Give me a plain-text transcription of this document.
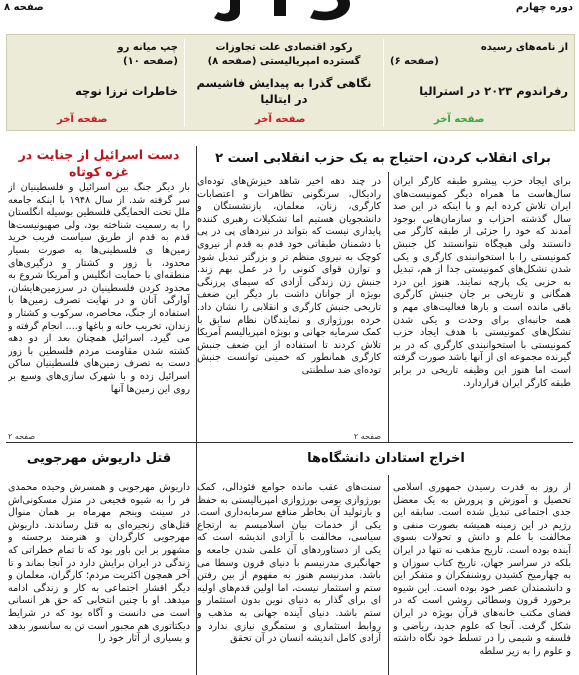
دوره چهارم
صفحه ۸
از نامه‌های رسیده
(صفحه ۶)
رفراندوم ۲۰۲۳ در استرالیا
صفحه آخر
رکود اقتصادی علت تجاوزات
گسترده امپریالیستی (صفحه ۸)
نگاهی گذرا به پیدایش فاشیسم در ایتالیا
صفحه آخر
چپ میانه رو
(صفحه ۱۰)
خاطرات ترزا نوچه
صفحه آخر
برای انقلاب کردن، احتیاج به یک حزب انقلابی است ۲
دست اسرائیل از جنایت در غزه کوتاه
برای ایجاد حزب پیشرو طبقه کارگر ایران سال‌هاست ما همراه دیگر کمونیست‌های ایران تلاش کرده ایم و با اینکه در این صد سال گذشته احزاب و سازمان‌هایی بوجود آمدند که خود را جزئی از طبقه کارگر می دانستند ولی هیچگاه نتوانستند کل جنبش کمونیستی را با استخوانبندی کارگری و یکی شدن تشکل‌های کمونیستی جدا از هم، تبدیل به حزبی یک پارچه نمایند. هنوز این درد همگانی و تاریخی بر جان جنبش کارگری باقی مانده است و بارها فعالیت‌های مهم و همه جانبه‌ای برای وحدت و یکی شدن تشکل‌های کمونیستی با هدف ایجاد حزب کمونیستی با استخوانبندی کارگری که در بر گیرنده مجموعه ای از آنها باشد صورت گرفته است اما هنوز این وظیفه تاریخی در برابر طبقه کارگر ایران قراردارد.
در چند دهه اخیر شاهد خیزش‌های توده‌ای رادیکال، سرنگونی تظاهرات و اعتصابات کارگری، زنان، معلمان، بازنشستگان و دانشجویان هستیم اما تشکیلات رهبری کننده پایداری نیست که بتواند در نبردهای پی در پی با دشمنان طبقاتی خود قدم به قدم از نیروی کوچک به نیروی منظم تر و بزرگتر تبدیل شود و توازن قوای کنونی را در عمل بهم زند. جنبش زن زندگی آزادی که سیمای پرزنگی بویژه از جوانان داشت بار دیگر این ضعف تاریخی جنبش کارگری و انقلابی را نشان داد. خرده بورژوازی و نمایندگان نظام سابق با کمک سرمایه جهانی و بویژه امپریالیسم آمریکا تلاش کردند تا استفاده از این ضعف جنبش کارگری همانطور که خمینی توانست جنبش توده‌ای ضد سلطنتی
صفحه ۲
بار دیگر جنگ بین اسرائیل و فلسطینیان از سر گرفته شد. از سال ۱۹۴۸ با اینکه جامعه ملل تحت الحمایگی فلسطین بوسیله انگلستان را به رسمیت شناخته بود، ولی صهیونیست‌ها قدم به قدم از طریق سیاست فریب خرید زمین‌ها ی فلسطینی‌ها به صورت بسیار محدود، با زور و کشتار و درگیری‌های منطقه‌ای با حمایت انگلیس و آمریکا شروع به محدود کردن فلسطینیان در سرزمین‌هایشان، آوارگی آنان و در نهایت تصرف زمین‌ها با استفاده از جنگ، محاصره، سرکوب و کشتار و زندان، تخریب خانه و باغها و.... انجام گرفته و می گیرد. اسرائیل همچنان بعد از دو دهه کشته شدن مقاومت مردم فلسطین با زور دست به تصرف زمین‌های فلسطینیان ساکن اسرائیل زده و با شهرک سازی‌های وسیع بر روی این زمین‌ها آنها
صفحه ۲
اخراج استادان دانشگاه‌ها
از روز به قدرت رسیدن جمهوری اسلامی تحصیل و آموزش و پرورش به یک معضل جدی اجتماعی تبدیل شده است. سابقه این رژیم در این زمینه همیشه بصورت منفی و مخالفت با علم و دانش و تحولات بسوی آینده بوده است. تاریخ مذهب نه تنها در ایران بلکه در سراسر جهان، تاریخ کتاب سوزان و به چهارمیخ کشیدن روشنفکران و متفکر این و دانشمندان عصر خود بوده است. این شیوه برخورد قرون وسطائی روشن است که در فضای مکتب خانه‌های قرآن بویژه در ایران شکل گرفت. آنجا که علوم جدید، ریاضی و فلسفه و شیمی را در تسلط خود نگاه داشته و علوم را به زیر سلطه
سنت‌های عقب مانده جوامع فئودالی، کمک بورژوازی بومی بورژوازی امپریالیستی به حفظ و بازتولید آن بخاطر منافع سرمایه‌داری است. یکی از خدمات بیان اسلامیسم به ارتجاع سیاسی، مخالفت با آزادی اندیشه است که یکی از دستاوردهای آن علمی شدن جامعه و جهانگیری مدرنیسم با دنیای قرون وسطا می باشد. مدرنیسم هنوز به مفهوم از بین رفتن ستم و استثمار نیست، اما اولین قدم‌های اولیه ای برای گذار به دنیای نوین بدون استثمار و ستم باشد. دنیای آینده جهانی به مذهب و روابط استثماری و ستمگری نیازی ندارد و آزادی کامل اندیشه انسان در آن تحقق
قتل داریوش مهرجویی
داریوش مهرجویی و همسرش وحیده محمدی فر را به شیوه فجیعی در منزل مسکونی‌اش در سینت وینجم مهرماه بر همان منوال قتل‌های زنجیره‌ای به قتل رساندند. داریوش مهرجویی کارگردان و هنرمند برجسته و مشهور بر این باور بود که تا تمام خطراتی که زندگی در ایران برایش دارد در آنجا بماند و تا آخر همچون اکثریت مردم؛ کارگران، معلمان و دیگر اقشار اجتماعی به کار و زندگی ادامه میدهد. او با چنین انتخابی که حق هر انسانی است می دانست و آگاه بود که در شرایط دیکتاتوری هم مجبور است تن به سانسور بدهد و بسیاری از آثار خود را
